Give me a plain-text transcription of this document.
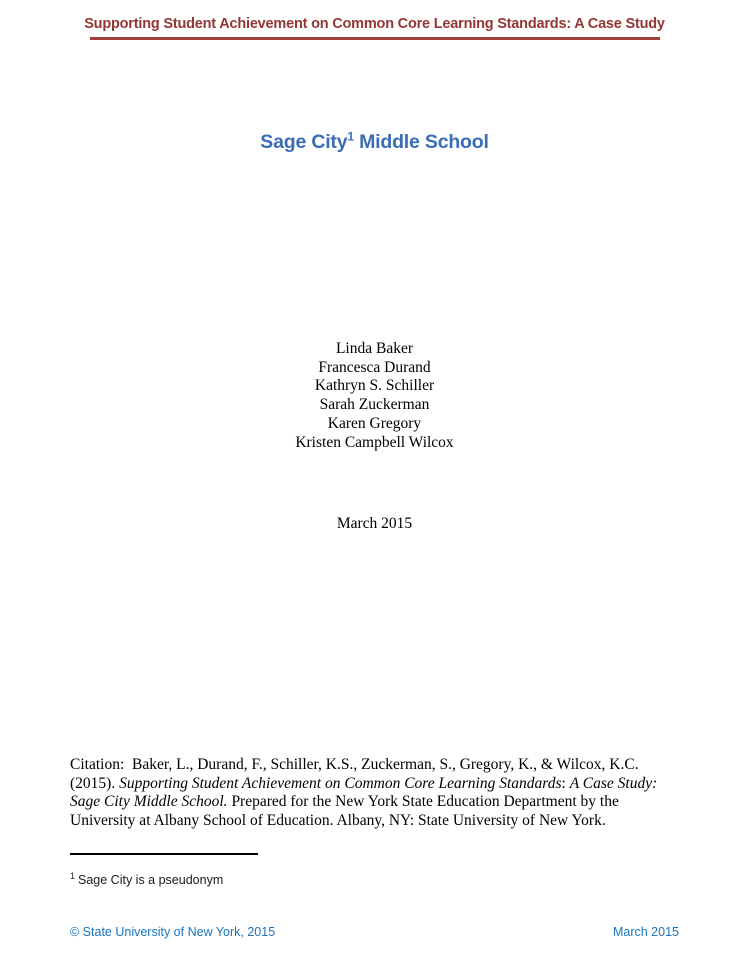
Supporting Student Achievement on Common Core Learning Standards: A Case Study
Sage City$^1$ Middle School
Linda Baker
Francesca Durand
Kathryn S. Schiller
Sarah Zuckerman
Karen Gregory
Kristen Campbell Wilcox
March 2015

Citation:  Baker, L., Durand, F., Schiller, K.S., Zuckerman, S., Gregory, K., & Wilcox, K.C. (2015). Supporting Student Achievement on Common Core Learning Standards: A Case Study: Sage City Middle School. Prepared for the New York State Education Department by the University at Albany School of Education. Albany, NY: State University of New York.

$^1$ Sage City is a pseudonym
© State University of New York, 2015	March 2015
